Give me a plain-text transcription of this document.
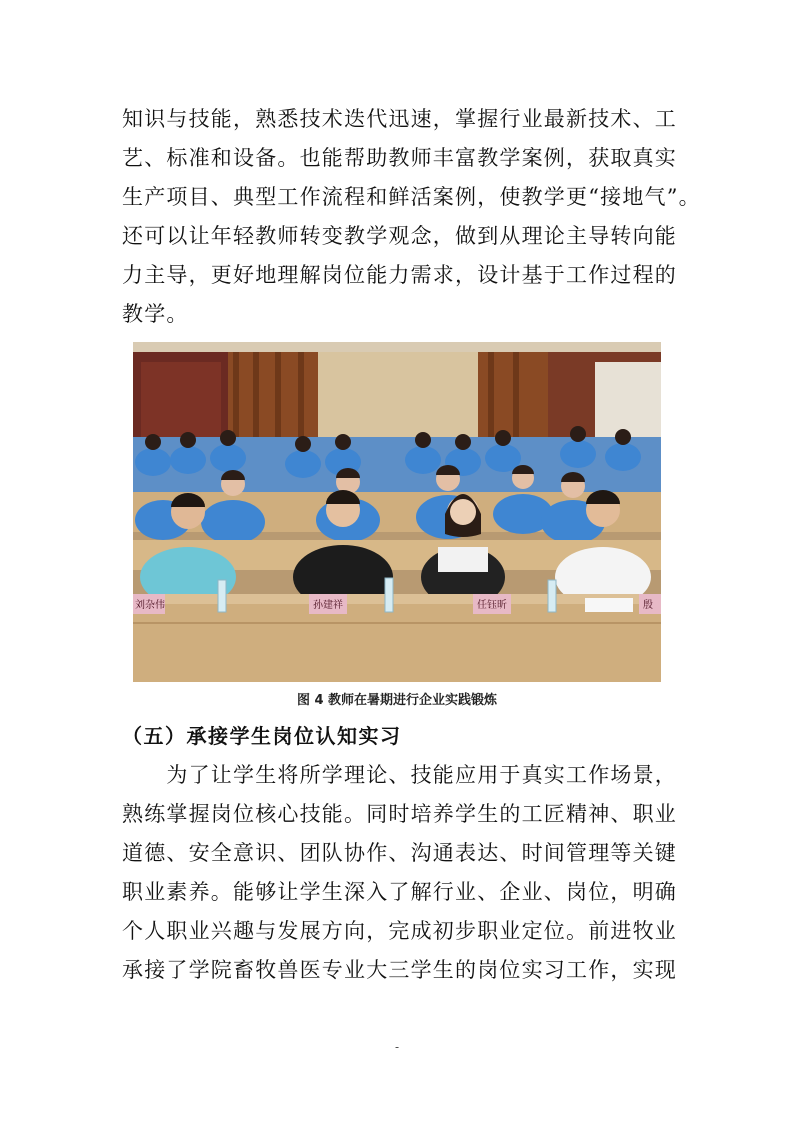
知识与技能，熟悉技术迭代迅速，掌握行业最新技术、工
艺、标准和设备。也能帮助教师丰富教学案例，获取真实
生产项目、典型工作流程和鲜活案例，使教学更“接地气”。
还可以让年轻教师转变教学观念，做到从理论主导转向能
力主导，更好地理解岗位能力需求，设计基于工作过程的
教学。
刘杂伟	孙建祥	任钰昕	殷
图 4 教师在暑期进行企业实践锻炼
（五）承接学生岗位认知实习
　　为了让学生将所学理论、技能应用于真实工作场景，
熟练掌握岗位核心技能。同时培养学生的工匠精神、职业
道德、安全意识、团队协作、沟通表达、时间管理等关键
职业素养。能够让学生深入了解行业、企业、岗位，明确
个人职业兴趣与发展方向，完成初步职业定位。前进牧业
承接了学院畜牧兽医专业大三学生的岗位实习工作，实现
-
